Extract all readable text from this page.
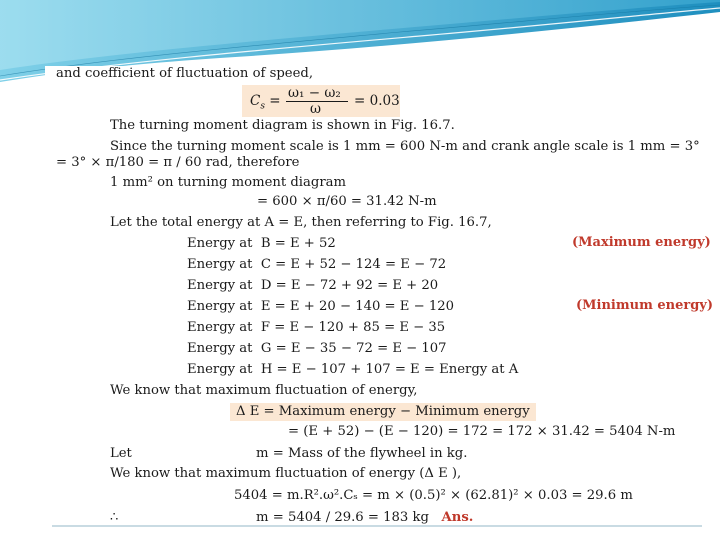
and coefficient of fluctuation of speed,
$C_s = \omega_1 - \omega_2$
ω = 0.03
The turning moment diagram is shown in Fig. 16.7.
Since the turning moment scale is 1 mm = 600 N-m and crank angle scale is 1 mm = 3°
= 3° × π/180 = π / 60 rad, therefore
1 mm² on turning moment diagram
= 600 × π/60 = 31.42 N-m
Let the total energy at A = E, then referring to Fig. 16.7,
Energy at  B = E + 52	(Maximum energy)
Energy at  C = E + 52 − 124 = E − 72
Energy at  D = E − 72 + 92 = E + 20
Energy at  E = E + 20 − 140 = E − 120	(Minimum energy)
Energy at  F = E − 120 + 85 = E − 35
Energy at  G = E − 35 − 72 = E − 107
Energy at  H = E − 107 + 107 = E = Energy at A
We know that maximum fluctuation of energy,
Δ E = Maximum energy − Minimum energy
= (E + 52) − (E − 120) = 172 = 172 × 31.42 = 5404 N-m
Let	m = Mass of the flywheel in kg.
We know that maximum fluctuation of energy (Δ E ),
5404 = m.R².ω².Cₛ = m × (0.5)² × (62.81)² × 0.03 = 29.6 m
∴	m = 5404 / 29.6 = 183 kg Ans.
